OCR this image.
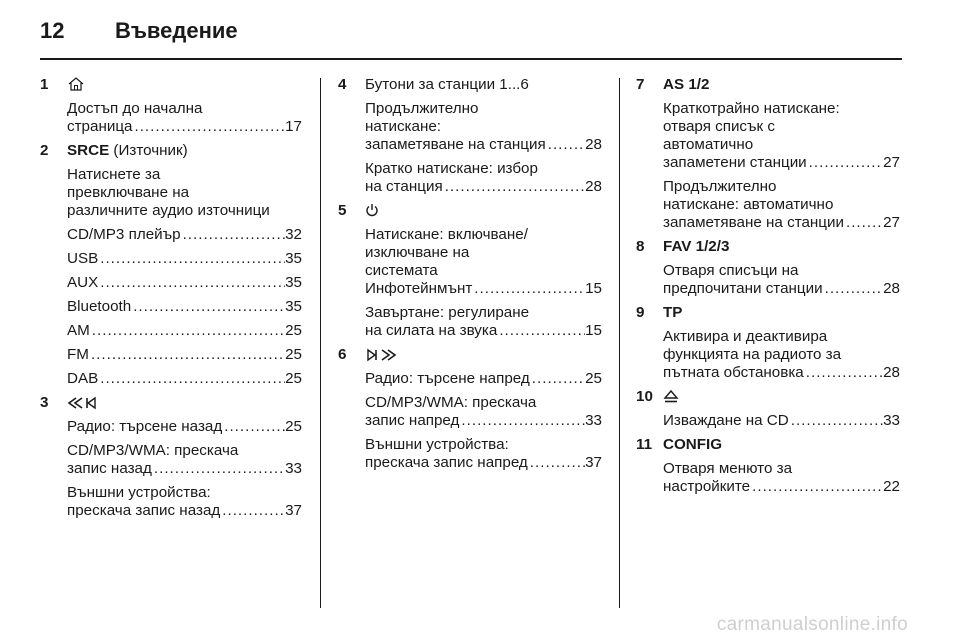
12 Въведение
1
Достъп до начална
страница .....	17
2 SRCE (Източник)
Натиснете за
превключване на
различните аудио източници
CD/MP3 плейър .....	32
USB .....	35
AUX .....	35
Bluetooth .....	35
AM .....	25
FM .....	25
DAB .....	25
3
Радио: търсене назад .....	25
CD/MP3/WMA: прескача
запис назад .....	33
Външни устройства:
прескача запис назад .....	37
4 Бутони за станции 1...6
Продължително
натискане:
запаметяване на станция .....	28
Кратко натискане: избор
на станция .....	28
5
Натискане: включване/
изключване на
системата
Инфотейнмънт .....	15
Завъртане: регулиране
на силата на звука .....	15
6
Радио: търсене напред .....	25
CD/MP3/WMA: прескача
запис напред .....	33
Външни устройства:
прескача запис напред .....	37
7 AS 1/2
Краткотрайно натискане:
отваря списък с
автоматично
запаметени станции .....	27
Продължително
натискане: автоматично
запаметяване на станции .....	27
8 FAV 1/2/3
Отваря списъци на
предпочитани станции .....	28
9 TP
Активира и деактивира
функцията на радиото за
пътната обстановка .....	28
10
Изваждане на CD .....	33
11 CONFIG
Отваря менюто за
настройките .....	22
carmanualsonline.info
